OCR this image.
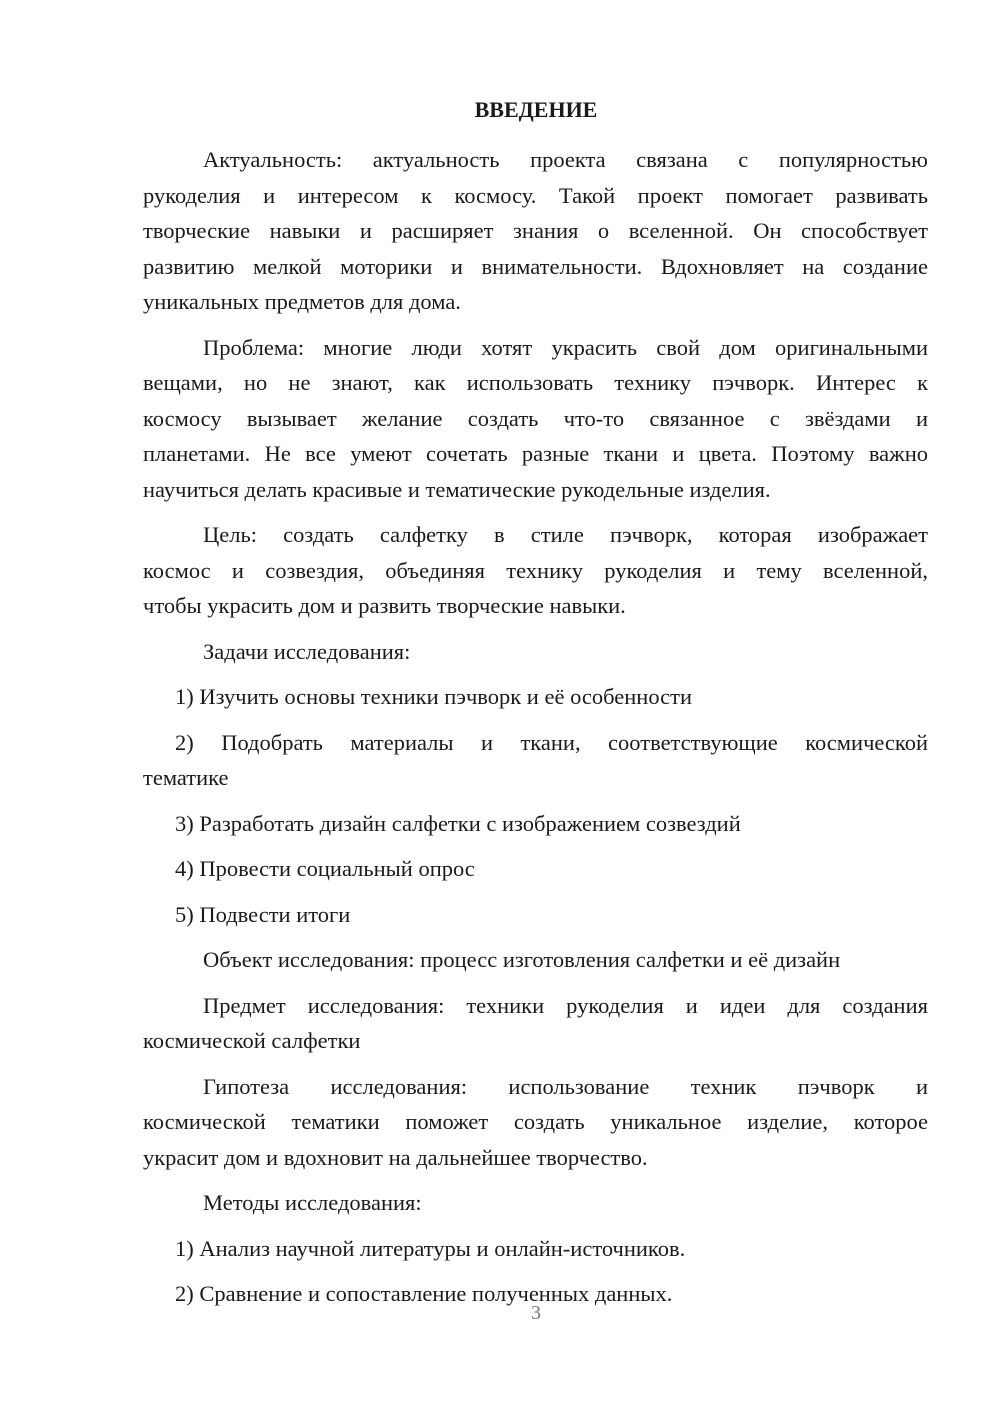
ВВЕДЕНИЕ
Актуальность: актуальность проекта связана с популярностью
рукоделия и интересом к космосу. Такой проект помогает развивать
творческие навыки и расширяет знания о вселенной. Он способствует
развитию мелкой моторики и внимательности. Вдохновляет на создание
уникальных предметов для дома.
Проблема: многие люди хотят украсить свой дом оригинальными
вещами, но не знают, как использовать технику пэчворк. Интерес к
космосу вызывает желание создать что-то связанное с звёздами и
планетами. Не все умеют сочетать разные ткани и цвета. Поэтому важно
научиться делать красивые и тематические рукодельные изделия.
Цель: создать салфетку в стиле пэчворк, которая изображает
космос и созвездия, объединяя технику рукоделия и тему вселенной,
чтобы украсить дом и развить творческие навыки.
Задачи исследования:
1) Изучить основы техники пэчворк и её особенности
2) Подобрать материалы и ткани, соответствующие космической
тематике
3) Разработать дизайн салфетки с изображением созвездий
4) Провести социальный опрос
5) Подвести итоги
Объект исследования: процесс изготовления салфетки и её дизайн
Предмет исследования: техники рукоделия и идеи для создания
космической салфетки
Гипотеза исследования: использование техник пэчворк и
космической тематики поможет создать уникальное изделие, которое
украсит дом и вдохновит на дальнейшее творчество.
Методы исследования:
1) Анализ научной литературы и онлайн-источников.
2) Сравнение и сопоставление полученных данных.
3
